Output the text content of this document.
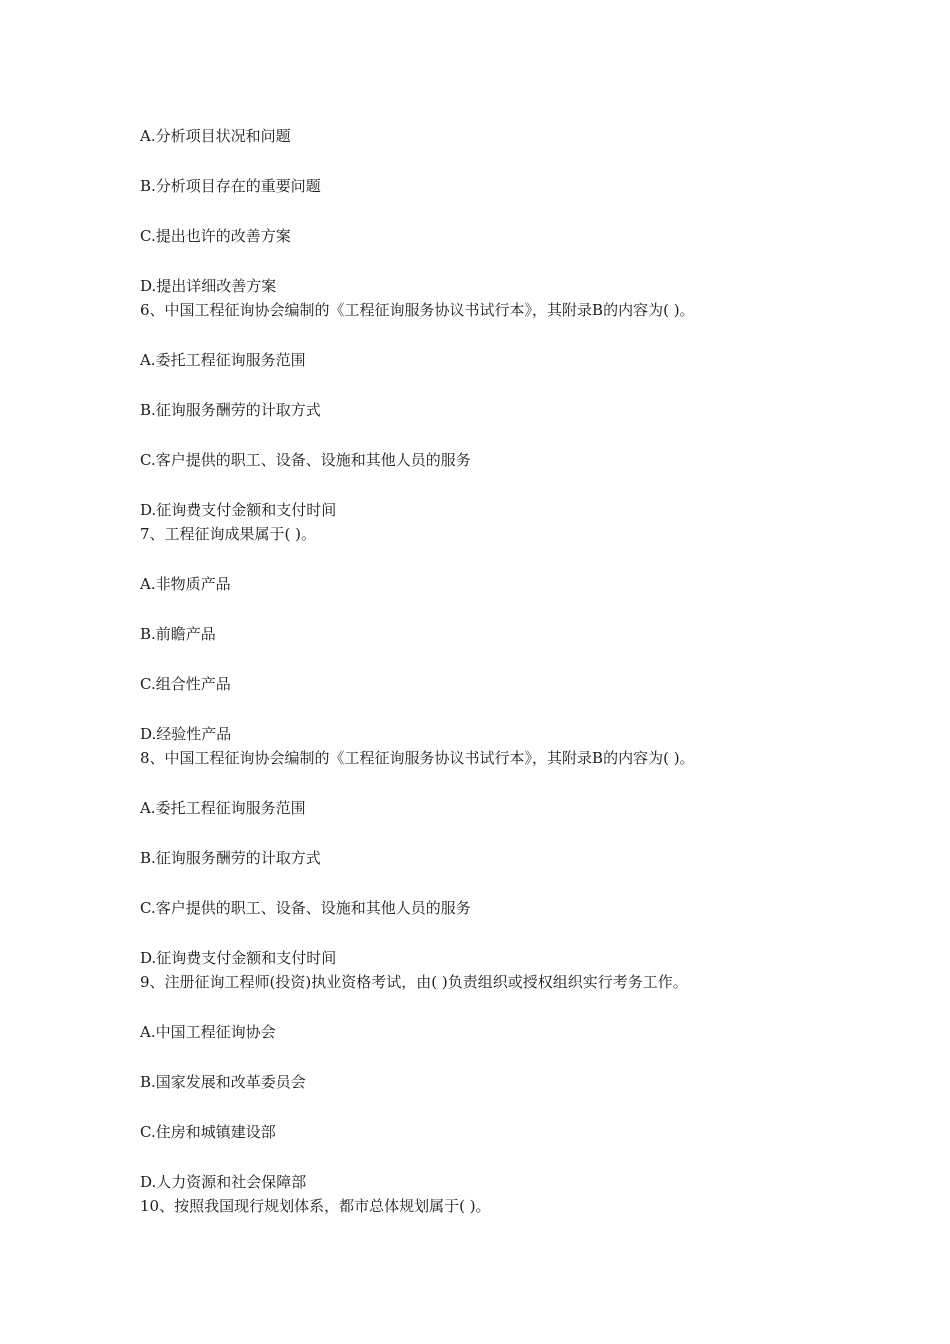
A.分析项目状况和问题
B.分析项目存在的重要问题
C.提出也许的改善方案
D.提出详细改善方案
6、中国工程征询协会编制的《工程征询服务协议书试行本》，其附录B的内容为( )。
A.委托工程征询服务范围
B.征询服务酬劳的计取方式
C.客户提供的职工、设备、设施和其他人员的服务
D.征询费支付金额和支付时间
7、工程征询成果属于( )。
A.非物质产品
B.前瞻产品
C.组合性产品
D.经验性产品
8、中国工程征询协会编制的《工程征询服务协议书试行本》，其附录B的内容为( )。
A.委托工程征询服务范围
B.征询服务酬劳的计取方式
C.客户提供的职工、设备、设施和其他人员的服务
D.征询费支付金额和支付时间
9、注册征询工程师(投资)执业资格考试，由( )负责组织或授权组织实行考务工作。
A.中国工程征询协会
B.国家发展和改革委员会
C.住房和城镇建设部
D.人力资源和社会保障部
10、按照我国现行规划体系，都市总体规划属于( )。
